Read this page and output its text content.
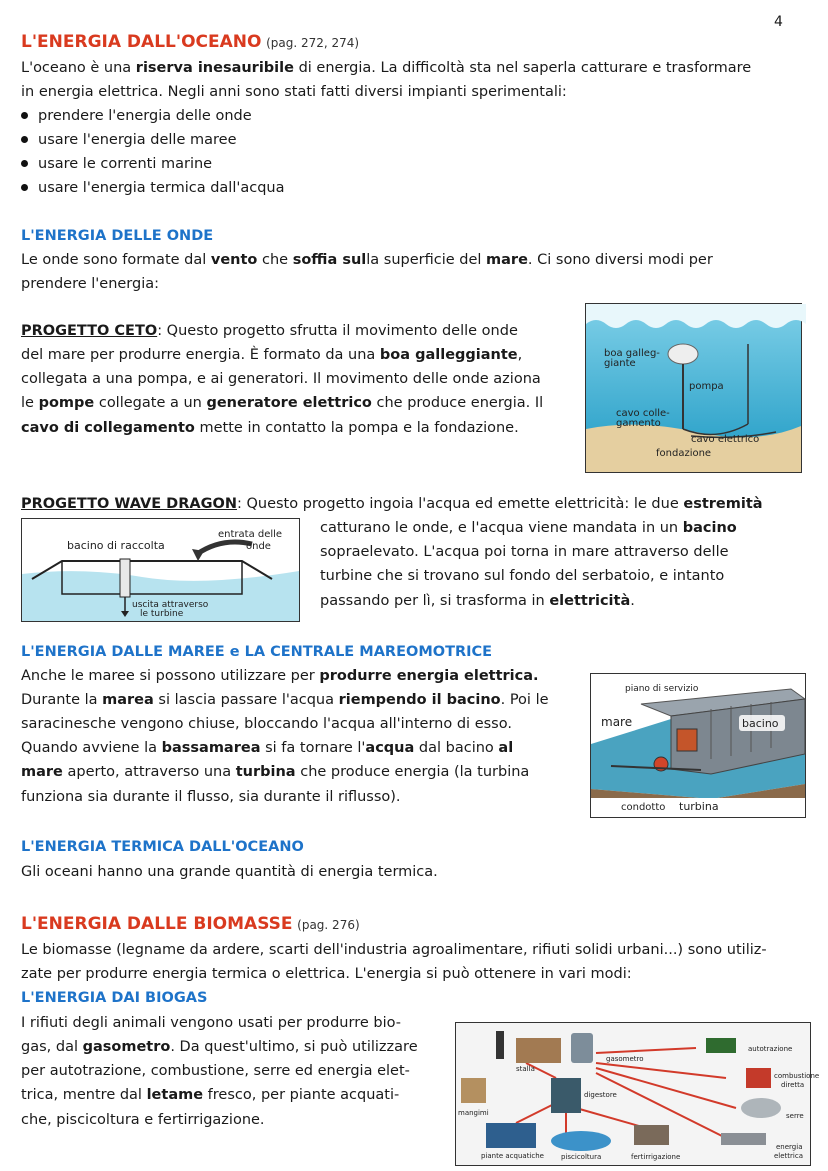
4
L'ENERGIA DALL'OCEANO (pag. 272, 274)
L'oceano è una riserva inesauribile di energia. La difficoltà sta nel saperla catturare e trasformare
in energia elettrica. Negli anni sono stati fatti diversi impianti sperimentali:
prendere l'energia delle onde
usare l'energia delle maree
usare le correnti marine
usare l'energia termica dall'acqua
L'ENERGIA DELLE ONDE
Le onde sono formate dal vento che soffia sulla superficie del mare. Ci sono diversi modi per
prendere l'energia:
PROGETTO CETO: Questo progetto sfrutta il movimento delle onde
del mare per produrre energia. È formato da una boa galleggiante,
collegata a una pompa, e ai generatori. Il movimento delle onde aziona
le pompe collegate a un generatore elettrico che produce energia. Il
cavo di collegamento mette in contatto la pompa e la fondazione.
boa galleg-
giante
pompa
cavo colle-
gamento
cavo elettrico
fondazione
PROGETTO WAVE DRAGON: Questo progetto ingoia l'acqua ed emette elettricità: le due estremità
catturano le onde, e l'acqua viene mandata in un bacino
sopraelevato. L'acqua poi torna in mare attraverso delle
turbine che si trovano sul fondo del serbatoio, e intanto
passando per lì, si trasforma in elettricità.
bacino di raccolta
entrata delle
onde
uscita attraverso
le turbine
L'ENERGIA DALLE MAREE e LA CENTRALE MAREOMOTRICE
Anche le maree si possono utilizzare per produrre energia elettrica.
Durante la marea si lascia passare l'acqua riempendo il bacino. Poi le
saracinesche vengono chiuse, bloccando l'acqua all'interno di esso.
Quando avviene la bassamarea si fa tornare l'acqua dal bacino al
mare aperto, attraverso una turbina che produce energia (la turbina
funziona sia durante il flusso, sia durante il riflusso).
piano di servizio
mare	bacino
condotto turbina
L'ENERGIA TERMICA DALL'OCEANO
Gli oceani hanno una grande quantità di energia termica.
L'ENERGIA DALLE BIOMASSE (pag. 276)
Le biomasse (legname da ardere, scarti dell'industria agroalimentare, rifiuti solidi urbani...) sono utiliz-
zate per produrre energia termica o elettrica. L'energia si può ottenere in vari modi:
L'ENERGIA DAI BIOGAS
I rifiuti degli animali vengono usati per produrre bio-
gas, dal gasometro. Da quest'ultimo, si può utilizzare
per autotrazione, combustione, serre ed energia elet-
trica, mentre dal letame fresco, per piante acquati-
che, piscicoltura e fertirrigazione.
stalla
gasometro
digestore
mangimi
autotrazione
combustione
diretta
serre
energia
elettrica
piante acquatiche piscicoltura	fertirrigazione
